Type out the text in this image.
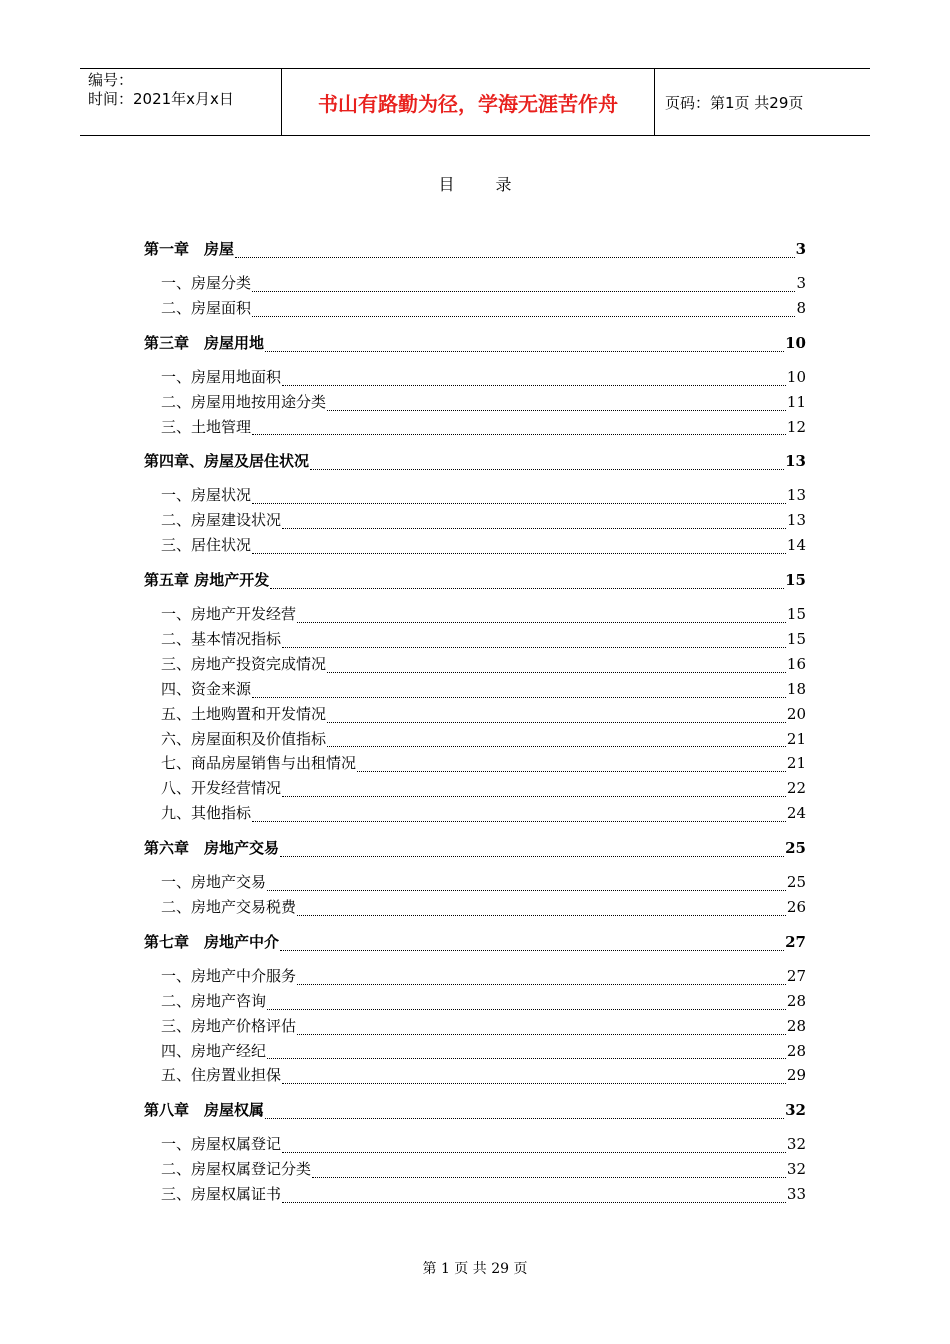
编号：
时间：2021年x月x日	书山有路勤为径，学海无涯苦作舟	页码：第1页 共29页
目 录
第一章　房屋	3
一、房屋分类	3
二、房屋面积	8
第三章　房屋用地	10
一、房屋用地面积	10
二、房屋用地按用途分类	11
三、土地管理	12
第四章、房屋及居住状况	13
一、房屋状况	13
二、房屋建设状况	13
三、居住状况	14
第五章 房地产开发	15
一、房地产开发经营	15
二、基本情况指标	15
三、房地产投资完成情况	16
四、资金来源	18
五、土地购置和开发情况	20
六、房屋面积及价值指标	21
七、商品房屋销售与出租情况	21
八、开发经营情况	22
九、其他指标	24
第六章　房地产交易	25
一、房地产交易	25
二、房地产交易税费	26
第七章　房地产中介	27
一、房地产中介服务	27
二、房地产咨询	28
三、房地产价格评估	28
四、房地产经纪	28
五、住房置业担保	29
第八章　房屋权属	32
一、房屋权属登记	32
二、房屋权属登记分类	32
三、房屋权属证书	33
第 1 页 共 29 页
